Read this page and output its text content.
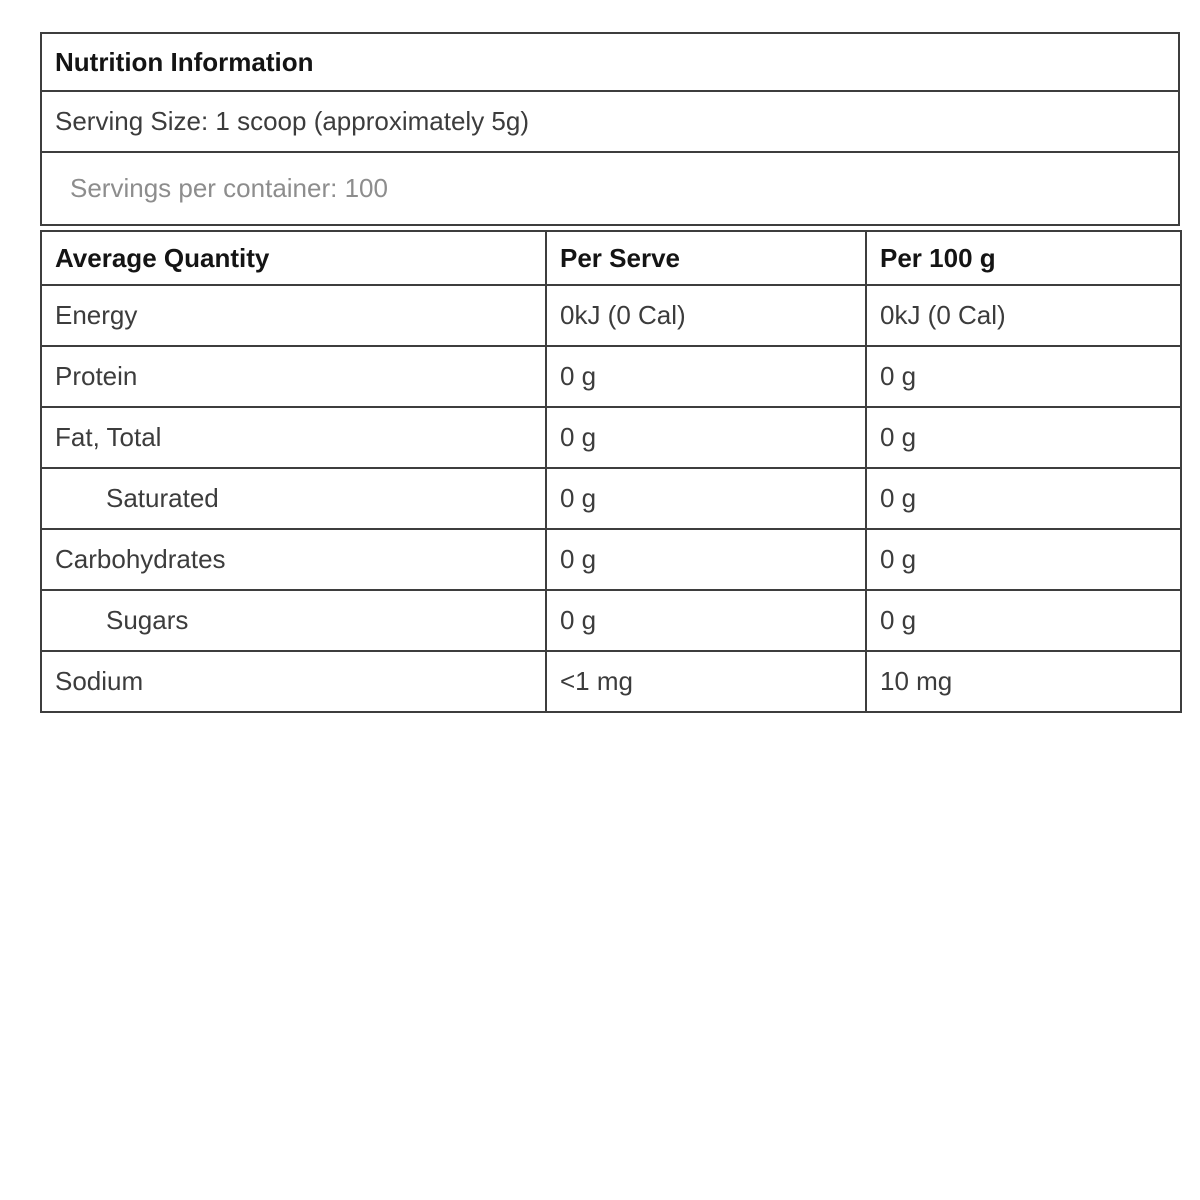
Nutrition Information
Serving Size: 1 scoop (approximately 5g)
Servings per container: 100
Average Quantity	Per Serve	Per 100 g
Energy	0kJ (0 Cal)	0kJ (0 Cal)
Protein	0 g	0 g
Fat, Total	0 g	0 g
Saturated	0 g	0 g
Carbohydrates	0 g	0 g
Sugars	0 g	0 g
Sodium	<1 mg	10 mg
